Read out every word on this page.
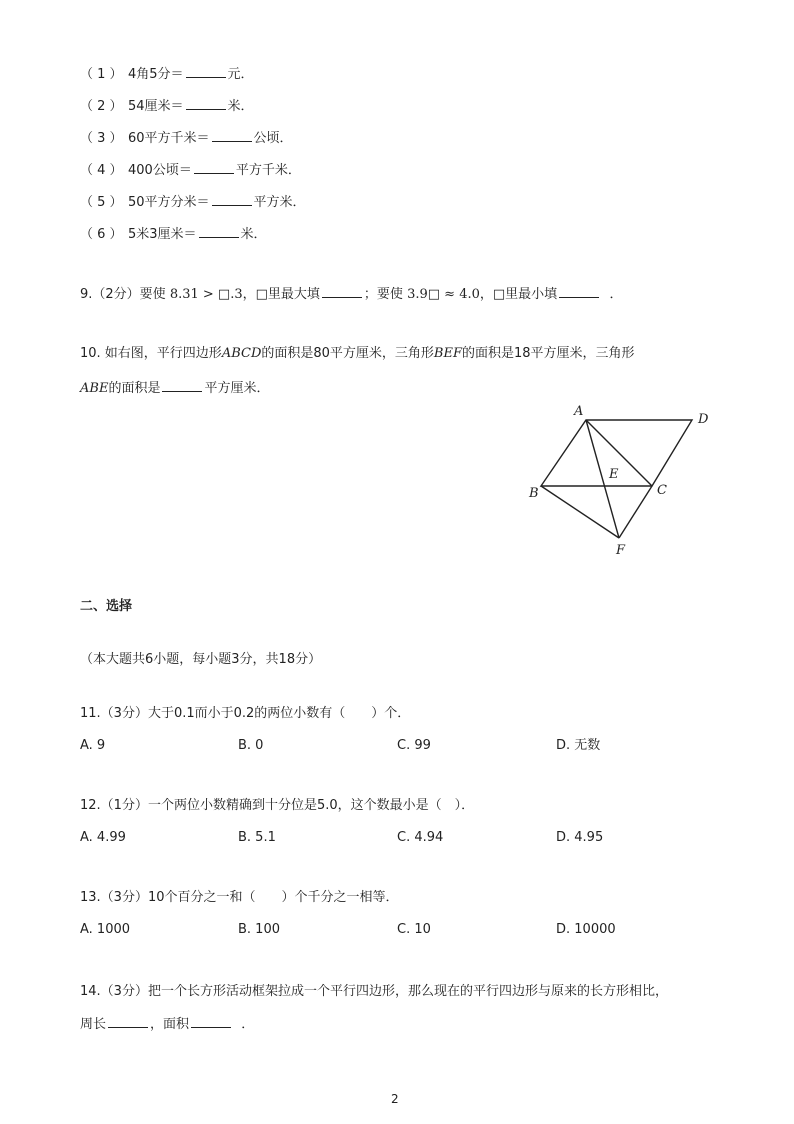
（ 1 ） 4角5分＝	元．
（ 2 ） 54厘米＝	米．
（ 3 ） 60平方千米＝	公顷．
（ 4 ） 400公顷＝	平方千米．
（ 5 ） 50平方分米＝	平方米．
（ 6 ） 5米3厘米＝	米．
9.（2分）要使 8.31 > □.3，□里最大填	；要使 3.9□ ≈ 4.0，□里最小填	．
10. 如右图，平行四边形ABCD的面积是80平方厘米，三角形BEF的面积是18平方厘米，三角形
ABE的面积是	平方厘米．
A
D
E
B	C
F
二、选择
（本大题共6小题，每小题3分，共18分）
11.（3分）大于0.1而小于0.2的两位小数有（　　）个．
A. 9	B. 0	C. 99	D. 无数
12.（1分）一个两位小数精确到十分位是5.0，这个数最小是（　）．
A. 4.99	B. 5.1	C. 4.94	D. 4.95
13.（3分）10个百分之一和（　　）个千分之一相等．
A. 1000	B. 100	C. 10	D. 10000
14.（3分）把一个长方形活动框架拉成一个平行四边形，那么现在的平行四边形与原来的长方形相比，
周长	，面积	．
2
